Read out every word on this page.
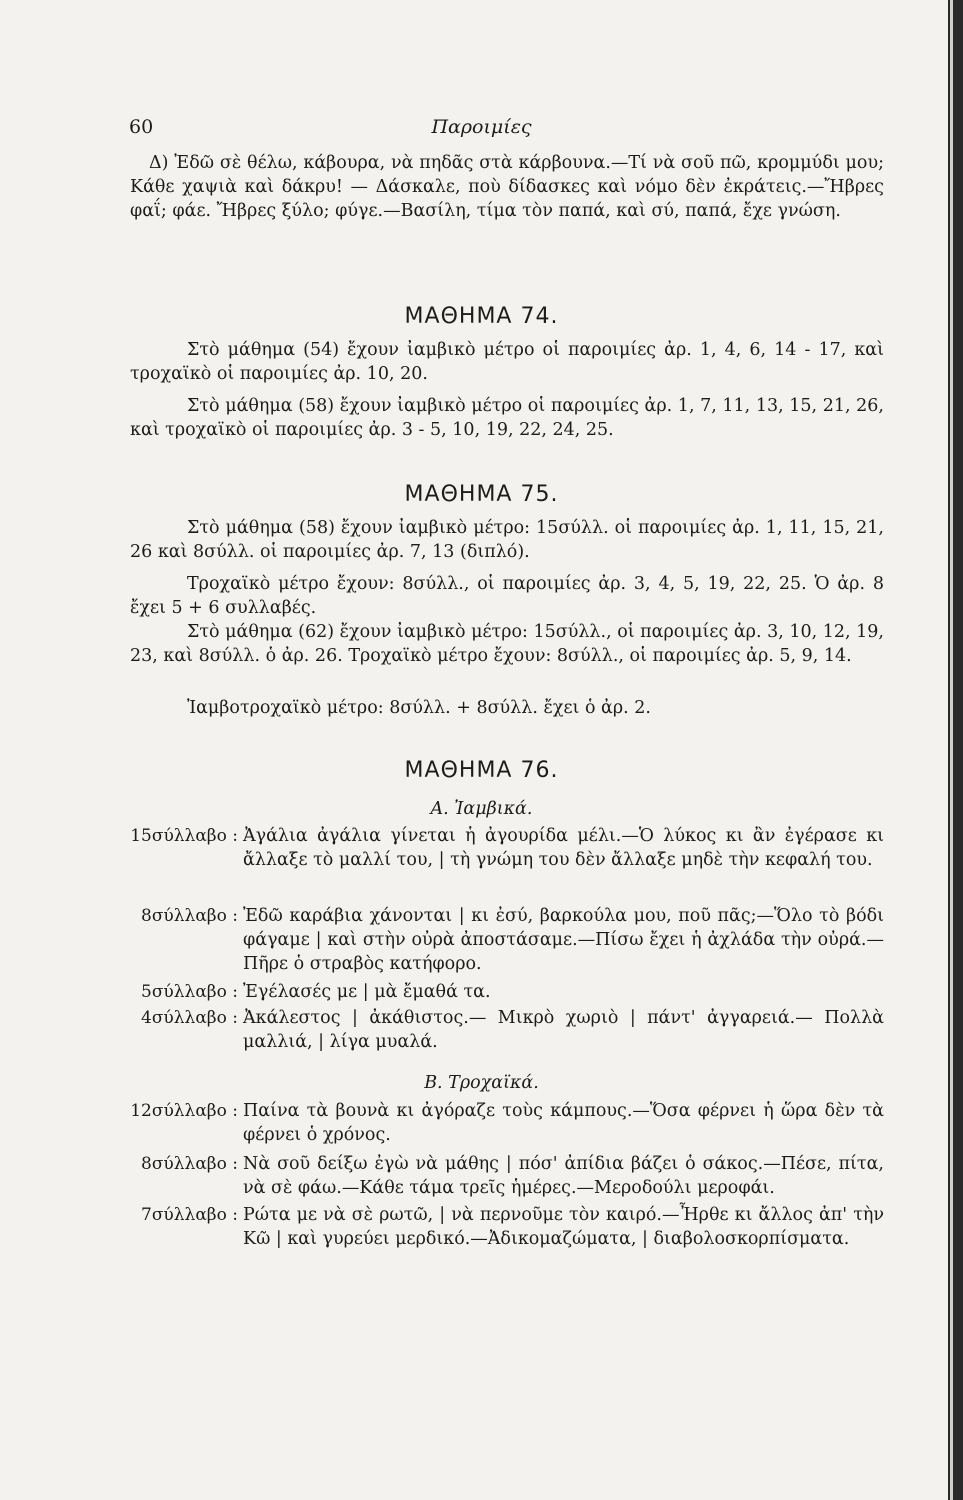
60	Παροιμίες
Δ) Ἐδῶ σὲ θέλω, κάβουρα, νὰ πηδᾶς στὰ κάρβουνα.—Τί νὰ σοῦ πῶ, κρομμύδι μου; Κάθε χαψιὰ καὶ δάκρυ! — Δάσκαλε, ποὺ δίδασκες καὶ νόμο δὲν ἐκράτεις.—Ἤβρες φαΐ; φάε. Ἤβρες ξύλο; φύγε.—Βασίλη, τίμα τὸν παπά, καὶ σύ, παπά, ἔχε γνώση.
ΜΑΘΗΜΑ 74.
Στὸ μάθημα (54) ἔχουν ἰαμβικὸ μέτρο οἱ παροιμίες ἀρ. 1, 4, 6, 14 - 17, καὶ τροχαϊκὸ οἱ παροιμίες ἀρ. 10, 20.
Στὸ μάθημα (58) ἔχουν ἰαμβικὸ μέτρο οἱ παροιμίες ἀρ. 1, 7, 11, 13, 15, 21, 26, καὶ τροχαϊκὸ οἱ παροιμίες ἀρ. 3 - 5, 10, 19, 22, 24, 25.
ΜΑΘΗΜΑ 75.
Στὸ μάθημα (58) ἔχουν ἰαμβικὸ μέτρο: 15σύλλ. οἱ παροιμίες ἀρ. 1, 11, 15, 21, 26 καὶ 8σύλλ. οἱ παροιμίες ἀρ. 7, 13 (διπλό).
Τροχαϊκὸ μέτρο ἔχουν: 8σύλλ., οἱ παροιμίες ἀρ. 3, 4, 5, 19, 22, 25. Ὁ ἀρ. 8 ἔχει 5 + 6 συλλαβές.
Στὸ μάθημα (62) ἔχουν ἰαμβικὸ μέτρο: 15σύλλ., οἱ παροιμίες ἀρ. 3, 10, 12, 19, 23, καὶ 8σύλλ. ὁ ἀρ. 26. Τροχαϊκὸ μέτρο ἔχουν: 8σύλλ., οἱ παροιμίες ἀρ. 5, 9, 14.
Ἰαμβοτροχαϊκὸ μέτρο: 8σύλλ. + 8σύλλ. ἔχει ὁ ἀρ. 2.
ΜΑΘΗΜΑ 76.
Α. Ἰαμβικά.
15σύλλαβο : Ἀγάλια ἀγάλια γίνεται ἡ ἀγουρίδα μέλι.—Ὁ λύκος κι ἂν ἐγέρασε κι ἄλλαξε τὸ μαλλί του, | τὴ γνώμη του δὲν ἄλλαξε μηδὲ τὴν κεφαλή του.
8σύλλαβο : Ἐδῶ καράβια χάνονται | κι ἐσύ, βαρκούλα μου, ποῦ πᾶς;—Ὅλο τὸ βόδι φάγαμε | καὶ στὴν οὐρὰ ἀποστάσαμε.—Πίσω ἔχει ἡ ἀχλάδα τὴν οὐρά.—Πῆρε ὁ στραβὸς κατήφορο.
5σύλλαβο : Ἐγέλασές με | μὰ ἔμαθά τα.
4σύλλαβο : Ἀκάλεστος | ἀκάθιστος.— Μικρὸ χωριὸ | πάντ' ἀγγαρειά.— Πολλὰ μαλλιά, | λίγα μυαλά.
Β. Τροχαϊκά.
12σύλλαβο : Παίνα τὰ βουνὰ κι ἀγόραζε τοὺς κάμπους.—Ὅσα φέρνει ἡ ὥρα δὲν τὰ φέρνει ὁ χρόνος.
8σύλλαβο : Νὰ σοῦ δείξω ἐγὼ νὰ μάθης | πόσ' ἀπίδια βάζει ὁ σάκος.—Πέσε, πίτα, νὰ σὲ φάω.—Κάθε τάμα τρεῖς ἡμέρες.—Μεροδούλι μεροφάι.
7σύλλαβο : Ρώτα με νὰ σὲ ρωτῶ, | νὰ περνοῦμε τὸν καιρό.—Ἦρθε κι ἄλλος ἀπ' τὴν Κῶ | καὶ γυρεύει μερδικό.—Ἀδικομαζώματα, | διαβολοσκορπίσματα.
